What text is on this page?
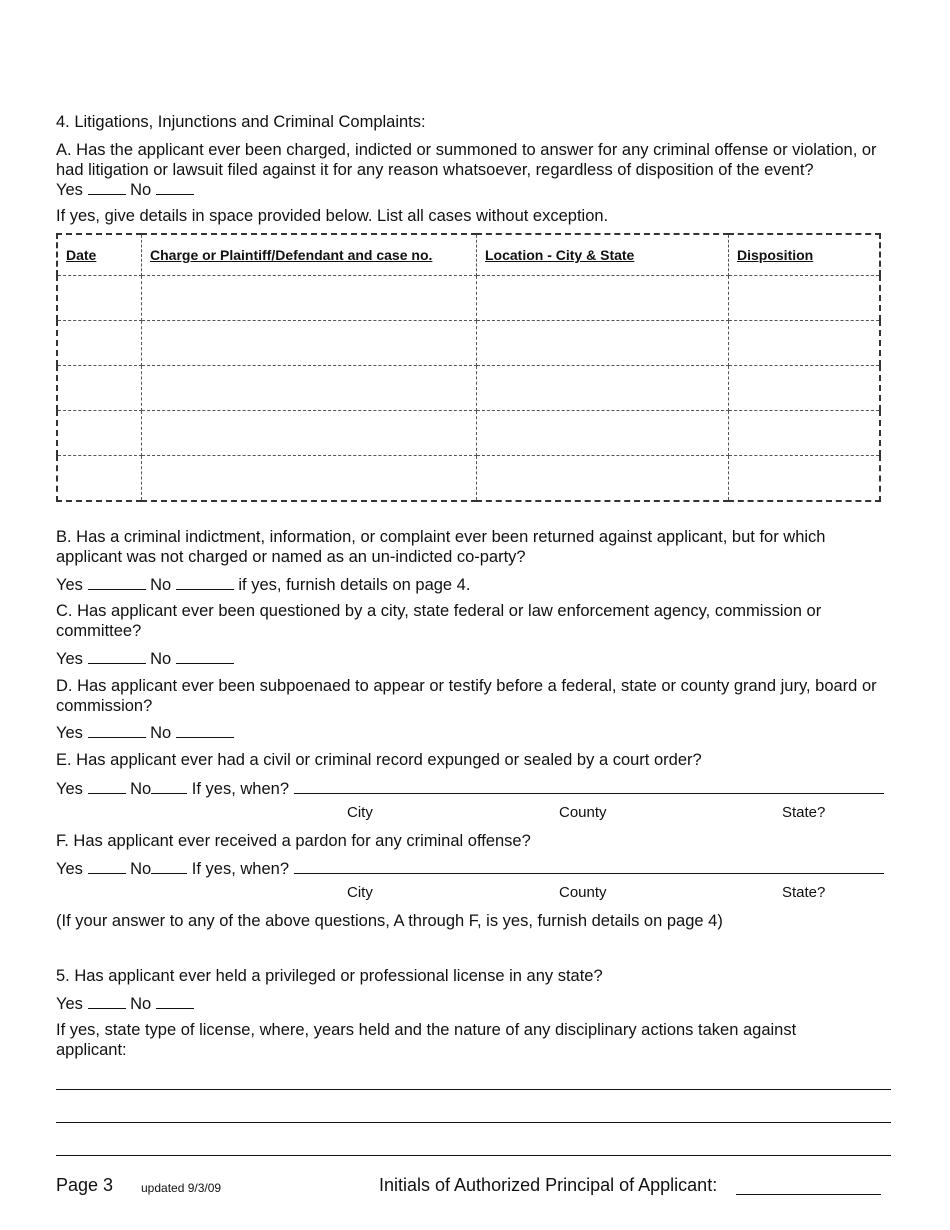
4. Litigations, Injunctions and Criminal Complaints:

A. Has the applicant ever been charged, indicted or summoned to answer for any criminal offense or violation, or had litigation or lawsuit filed against it for any reason whatsoever, regardless of disposition of the event?

Yes	No

If yes, give details in space provided below. List all cases without exception.

Date	Charge or Plaintiff/Defendant and case no.	Location - City & State	Disposition

B. Has a criminal indictment, information, or complaint ever been returned against applicant, but for which applicant was not charged or named as an un-indicted co-party?

Yes	No	if yes, furnish details on page 4.

C. Has applicant ever been questioned by a city, state federal or law enforcement agency, commission or committee?

Yes	No

D. Has applicant ever been subpoenaed to appear or testify before a federal, state or county grand jury, board or commission?

Yes	No

E. Has applicant ever had a civil or criminal record expunged or sealed by a court order?

Yes	No If yes, when?
City	County	State?

F. Has applicant ever received a pardon for any criminal offense?

Yes	No If yes, when?
City	County	State?

(If your answer to any of the above questions, A through F, is yes, furnish details on page 4)

5. Has applicant ever held a privileged or professional license in any state?

Yes	No

If yes, state type of license, where, years held and the nature of any disciplinary actions taken against applicant:

Page 3 updated 9/3/09	Initials of Authorized Principal of Applicant:
